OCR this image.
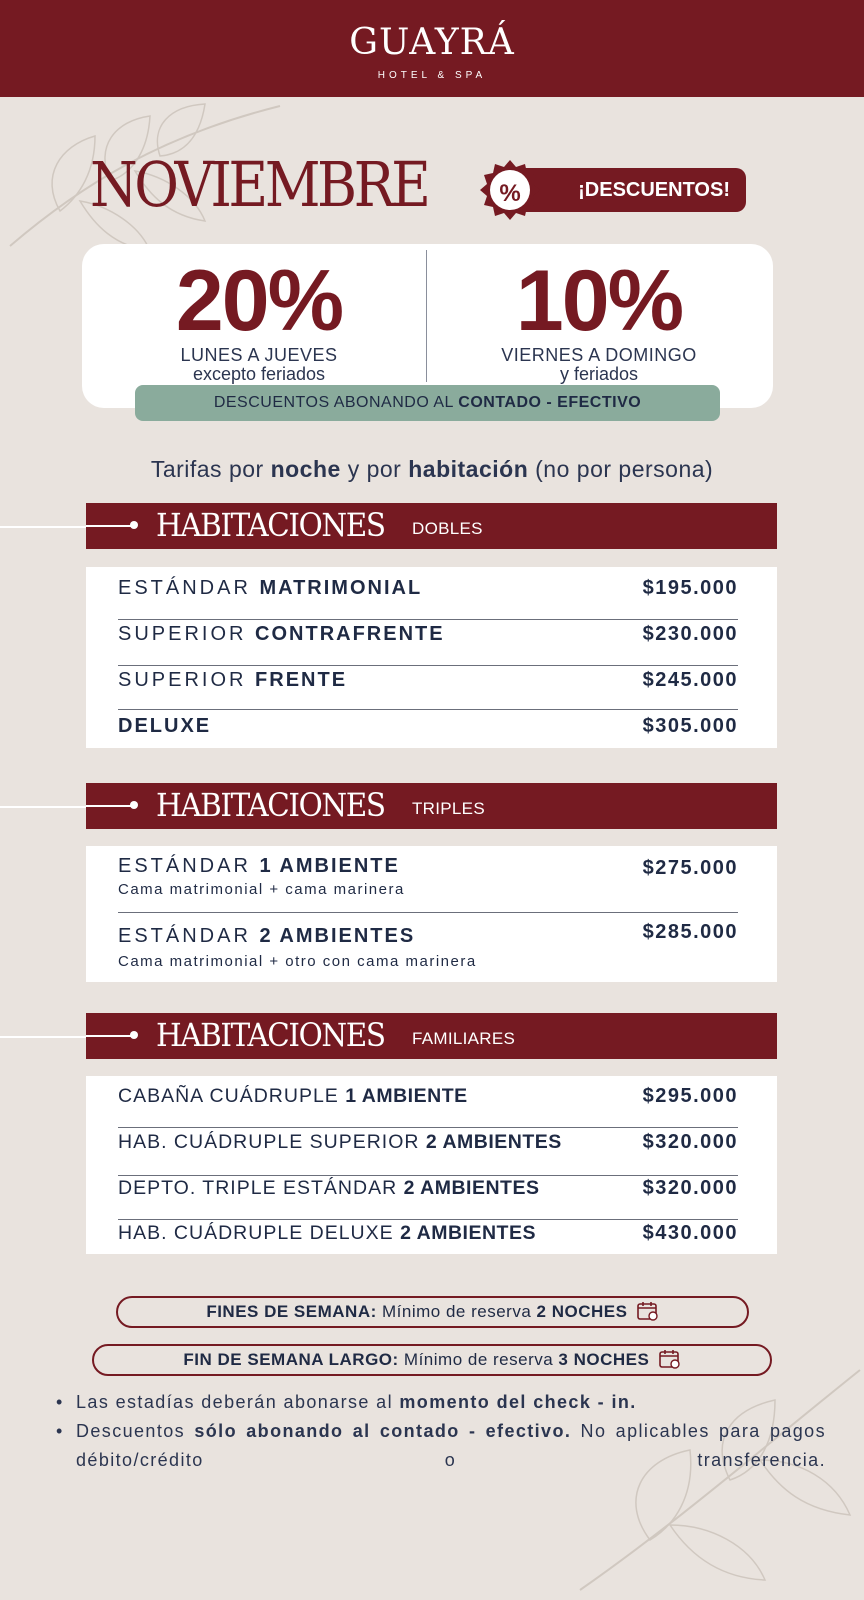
GUAYRÁ
HOTEL & SPA
NOVIEMBRE	¡DESCUENTOS!
%
20%
LUNES A JUEVES
excepto feriados
10%
VIERNES A DOMINGO
y feriados
DESCUENTOS ABONANDO AL CONTADO - EFECTIVO
Tarifas por noche y por habitación (no por persona)
HABITACIONES DOBLES
ESTÁNDAR MATRIMONIAL	$195.000
SUPERIOR CONTRAFRENTE	$230.000
SUPERIOR FRENTE	$245.000
DELUXE	$305.000
HABITACIONES TRIPLES
ESTÁNDAR 1 AMBIENTE
Cama matrimonial + cama marinera
$275.000
ESTÁNDAR 2 AMBIENTES
Cama matrimonial + otro con cama marinera
$285.000
HABITACIONES FAMILIARES
CABAÑA CUÁDRUPLE 1 AMBIENTE	$295.000
HAB. CUÁDRUPLE SUPERIOR 2 AMBIENTES	$320.000
DEPTO. TRIPLE ESTÁNDAR 2 AMBIENTES	$320.000
HAB. CUÁDRUPLE DELUXE 2 AMBIENTES	$430.000
FINES DE SEMANA: Mínimo de reserva 2 NOCHES
FIN DE SEMANA LARGO: Mínimo de reserva 3 NOCHES
• Las estadías deberán abonarse al momento del check - in.
• Descuentos sólo abonando al contado - efectivo. No aplicables para pagos débito/crédito o transferencia.
